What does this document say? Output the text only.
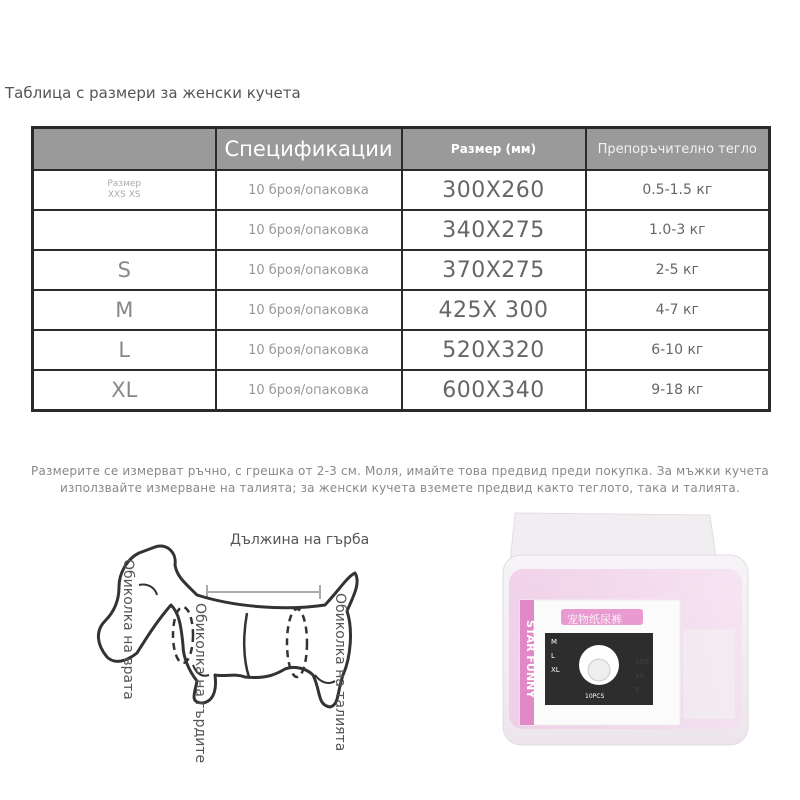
Таблица с размери за женски кучета
	Спецификации	Размер (мм)	Препоръчително тегло
Размер
XXS XS	10 броя/опаковка	300X260	0.5-1.5 кг
	10 броя/опаковка	340X275	1.0-3 кг
S	10 броя/опаковка	370X275	2-5 кг
M	10 броя/опаковка	425X 300	4-7 кг
L	10 броя/опаковка	520X320	6-10 кг
XL	10 броя/опаковка	600X340	9-18 кг
Размерите се измерват ръчно, с грешка от 2-3 см. Моля, имайте това предвид преди покупка. За мъжки кучета използвайте измерване на талията; за женски кучета вземете предвид както теглото, така и талията.
Дължина на гърба
Обиколка на врата	Обиколка на гърдите	Обиколка на талията	STAR FUNNY
宠物纸尿裤
M
L
XL
XXS
XS
S
10PCS
